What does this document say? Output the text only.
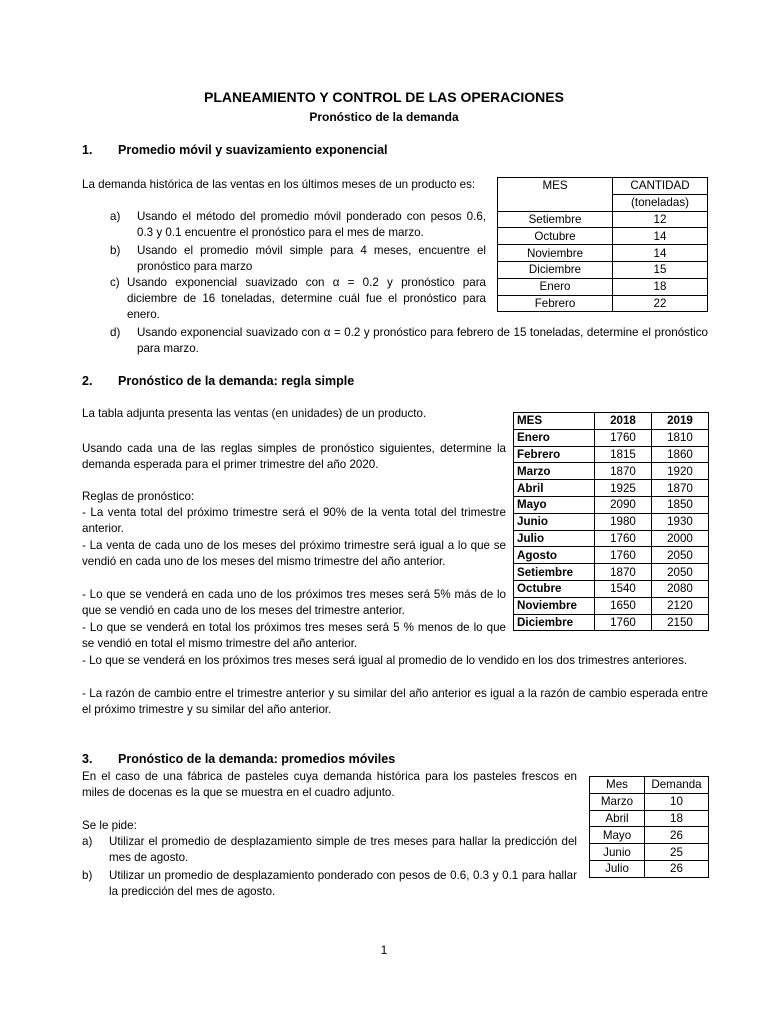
PLANEAMIENTO Y CONTROL DE LAS OPERACIONES
Pronóstico de la demanda
1. Promedio móvil y suavizamiento exponencial
La demanda histórica de las ventas en los últimos meses de un producto es:
a) Usando el método del promedio móvil ponderado con pesos 0.6, 0.3 y 0.1 encuentre el pronóstico para el mes de marzo.
b) Usando el promedio móvil simple para 4 meses, encuentre el pronóstico para marzo
c) Usando exponencial suavizado con α = 0.2 y pronóstico para diciembre de 16 toneladas, determine cuál fue el pronóstico para enero.
d) Usando exponencial suavizado con α = 0.2 y pronóstico para febrero de 15 toneladas, determine el pronóstico para marzo.
MES	CANTIDAD
	(toneladas)
Setiembre	12
Octubre	14
Noviembre	14
Diciembre	15
Enero	18
Febrero	22
2. Pronóstico de la demanda: regla simple
La tabla adjunta presenta las ventas (en unidades) de un producto.
Usando cada una de las reglas simples de pronóstico siguientes, determine la demanda esperada para el primer trimestre del año 2020.
Reglas de pronóstico:
- La venta total del próximo trimestre será el 90% de la venta total del trimestre anterior.
- La venta de cada uno de los meses del próximo trimestre será igual a lo que se vendió en cada uno de los meses del mismo trimestre del año anterior.
- Lo que se venderá en cada uno de los próximos tres meses será 5% más de lo que se vendió en cada uno de los meses del trimestre anterior.
- Lo que se venderá en total los próximos tres meses será 5 % menos de lo que se vendió en total el mismo trimestre del año anterior.
- Lo que se venderá en los próximos tres meses será igual al promedio de lo vendido en los dos trimestres anteriores.
- La razón de cambio entre el trimestre anterior y su similar del año anterior es igual a la razón de cambio esperada entre el próximo trimestre y su similar del año anterior.
MES	2018	2019
Enero	1760	1810
Febrero	1815	1860
Marzo	1870	1920
Abril	1925	1870
Mayo	2090	1850
Junio	1980	1930
Julio	1760	2000
Agosto	1760	2050
Setiembre	1870	2050
Octubre	1540	2080
Noviembre	1650	2120
Diciembre	1760	2150
3. Pronóstico de la demanda: promedios móviles
En el caso de una fábrica de pasteles cuya demanda histórica para los pasteles frescos en miles de docenas es la que se muestra en el cuadro adjunto.
Se le pide:
a) Utilizar el promedio de desplazamiento simple de tres meses para hallar la predicción del mes de agosto.
b) Utilizar un promedio de desplazamiento ponderado con pesos de 0.6, 0.3 y 0.1 para hallar la predicción del mes de agosto.
Mes	Demanda
Marzo	10
Abril	18
Mayo	26
Junio	25
Julio	26
1
